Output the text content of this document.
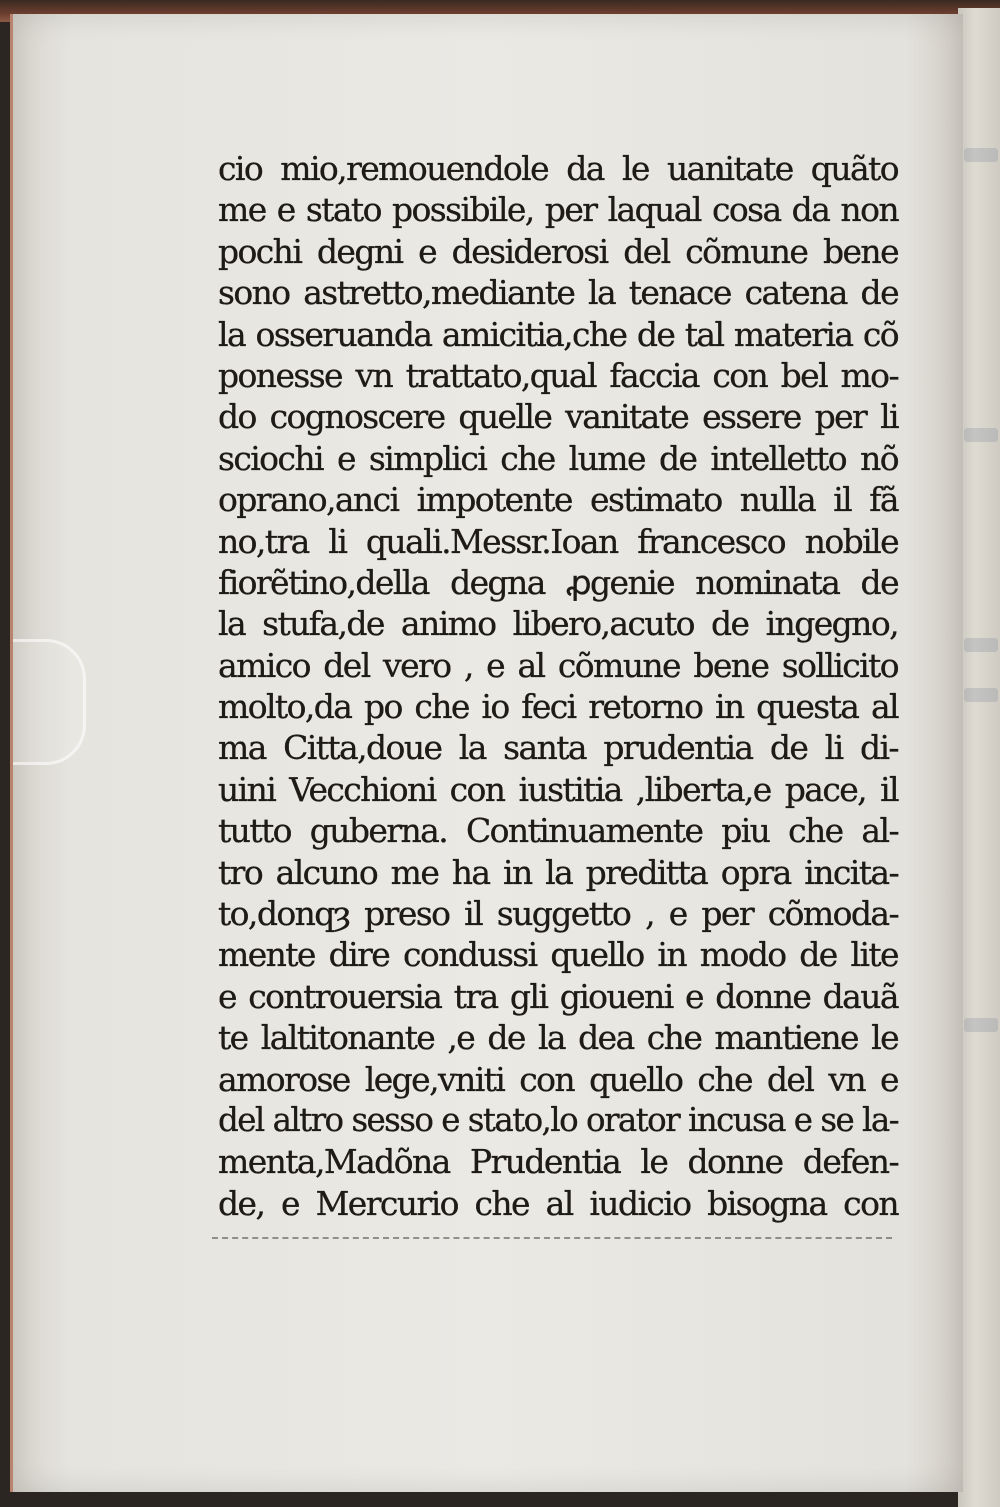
cio mio,remouendole da le uanitate quãto
me e stato possibile, per laqual cosa da non
pochi degni e desiderosi del cõmune bene
sono astretto,mediante la tenace catena de
la osseruanda amicitia,che de tal materia cõ
ponesse vn trattato,qual faccia con bel mo-
do cognoscere quelle vanitate essere per li
sciochi e simplici che lume de intelletto nõ
oprano,anci impotente estimato nulla il fã
no,tra li quali.Messr.Ioan francesco nobile
fiorẽtino,della degna ꝓgenie nominata de
la stufa,de animo libero,acuto de ingegno,
amico del vero , e al cõmune bene sollicito
molto,da po che io feci retorno in questa al
ma Citta,doue la santa prudentia de li di-
uini Vecchioni con iustitia ,liberta,e pace, il
tutto guberna. Continuamente piu che al-
tro alcuno me ha in la preditta opra incita-
to,donqȝ preso il suggetto , e per cõmoda-
mente dire condussi quello in modo de lite
e controuersia tra gli gioueni e donne dauã
te laltitonante ,e de la dea che mantiene le
amorose lege,vniti con quello che del vn e
del altro sesso e stato,lo orator incusa e se la-
menta,Madõna Prudentia le donne defen-
de, e Mercurio che al iudicio bisogna con
